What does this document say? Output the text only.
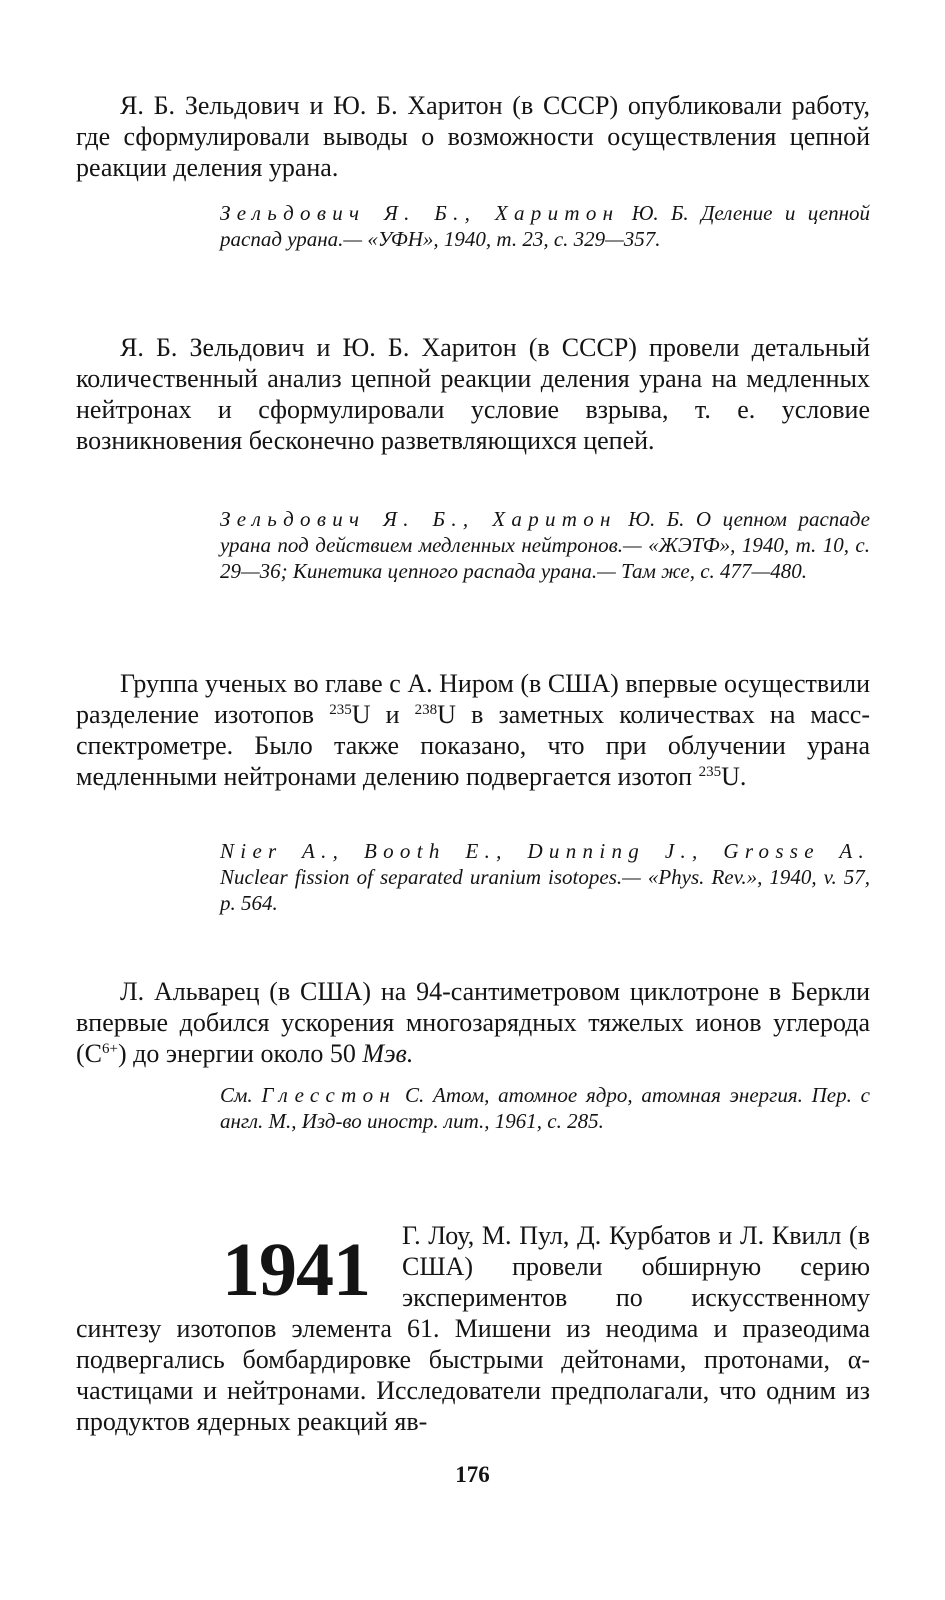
Я. Б. Зельдович и Ю. Б. Харитон (в СССР) опубликовали работу, где сформулировали выводы о возможности осуществления цепной реакции деления урана.

Зельдович Я. Б., Харитон Ю. Б. Деление и цепной распад урана.— «УФН», 1940, т. 23, с. 329—357.

Я. Б. Зельдович и Ю. Б. Харитон (в СССР) провели детальный количественный анализ цепной реакции деления урана на медленных нейтронах и сформулировали условие взрыва, т. е. условие возникновения бесконечно разветвляющихся цепей.

Зельдович Я. Б., Харитон Ю. Б. О цепном распаде урана под действием медленных нейтронов.— «ЖЭТФ», 1940, т. 10, с. 29—36; Кинетика цепного распада урана.— Там же, с. 477—480.

Группа ученых во главе с А. Ниром (в США) впервые осуществили разделение изотопов $^{235}$U и $^{238}$U в заметных количествах на масс-спектрометре. Было также показано, что при облучении урана медленными нейтронами делению подвергается изотоп $^{235}$U.

Nier A., Booth E., Dunning J., Grosse A. Nuclear fission of separated uranium isotopes.— «Phys. Rev.», 1940, v. 57, p. 564.

Л. Альварец (в США) на 94-сантиметровом циклотроне в Беркли впервые добился ускорения многозарядных тяжелых ионов углерода $(C^{6+})$ до энергии около 50 Мэв.

См. Глесстон С. Атом, атомное ядро, атомная энергия. Пер. с англ. М., Изд-во иностр. лит., 1961, с. 285.

1941	Г. Лоу, М. Пул, Д. Курбатов и Л. Квилл (в США) провели обширную серию экспериментов по искусственному синтезу изотопов элемента 61. Мишени из неодима и празеодима подвергались бомбардировке быстрыми дейтонами, протонами, α-частицами и нейтронами. Исследователи предполагали, что одним из продуктов ядерных реакций яв-

176
